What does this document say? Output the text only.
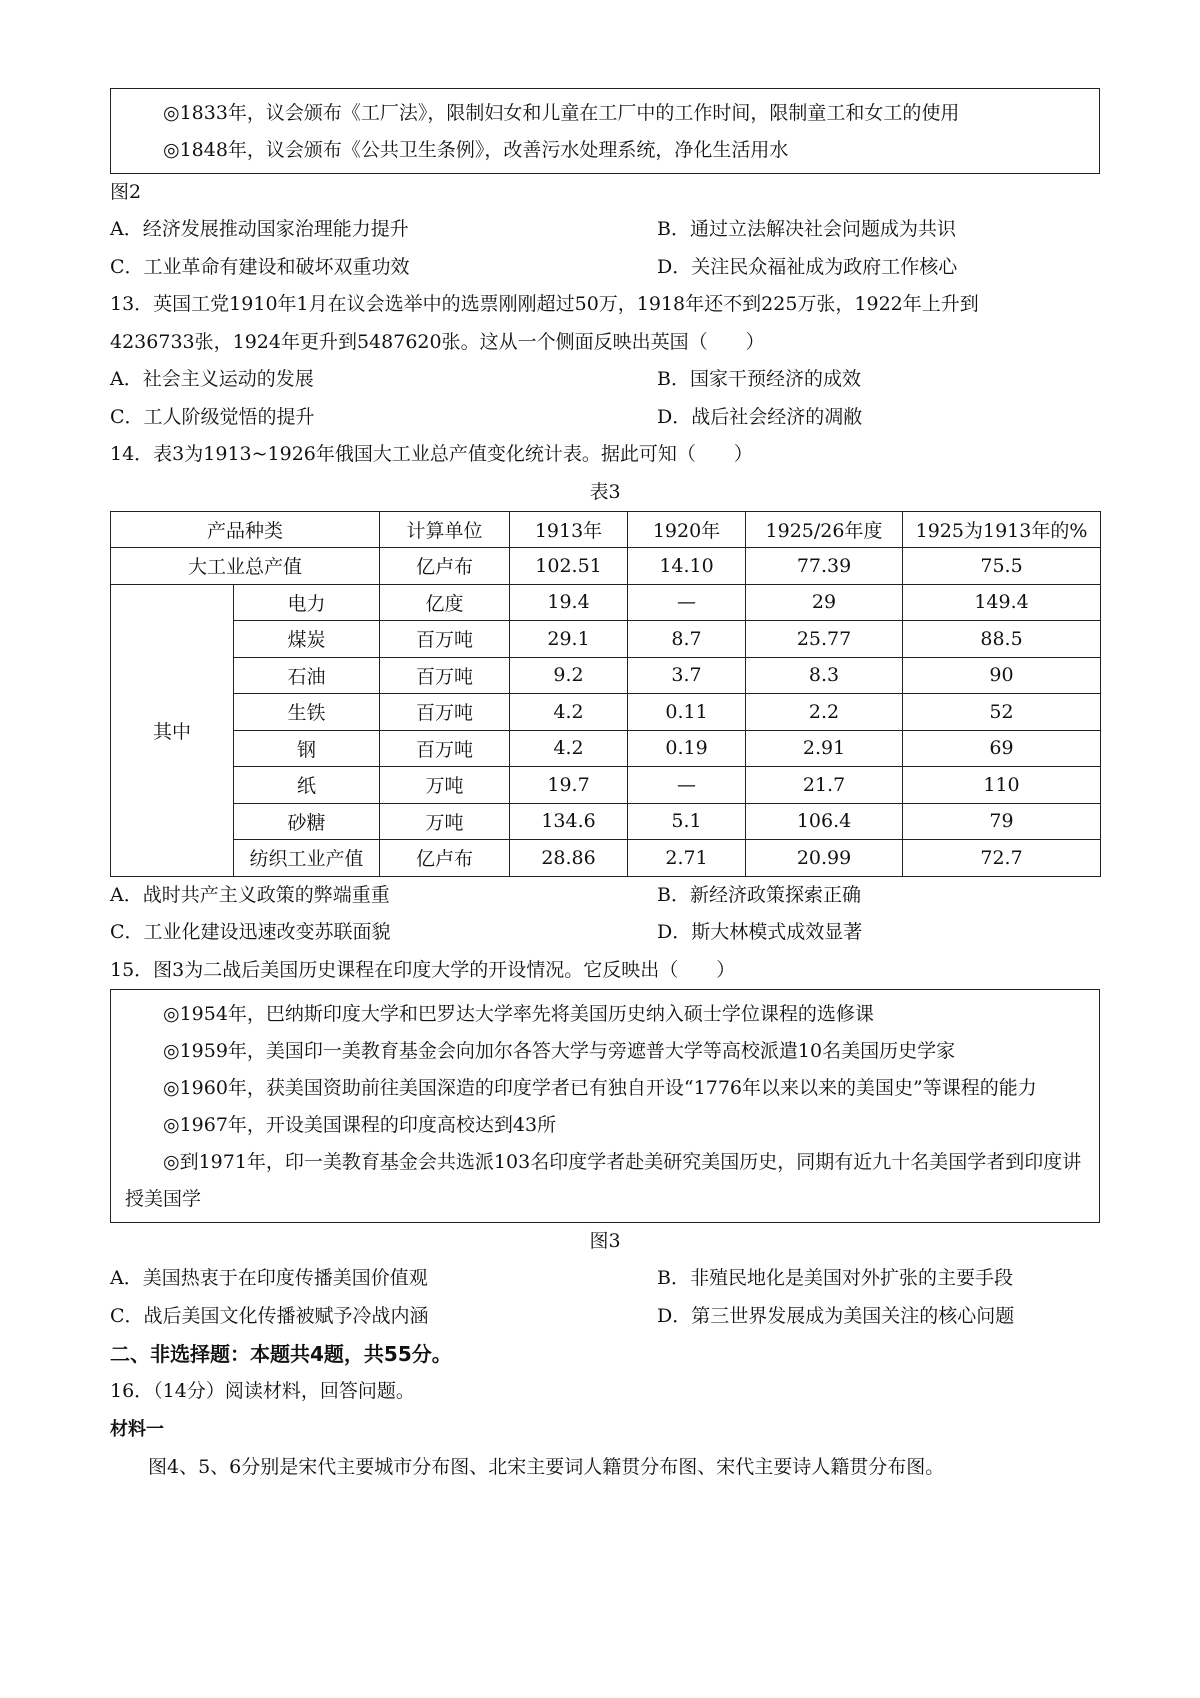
◎1833年，议会颁布《工厂法》，限制妇女和儿童在工厂中的工作时间，限制童工和女工的使用

◎1848年，议会颁布《公共卫生条例》，改善污水处理系统，净化生活用水

图2

A．经济发展推动国家治理能力提升	B．通过立法解决社会问题成为共识
C．工业革命有建设和破坏双重功效	D．关注民众福祉成为政府工作核心

13．英国工党1910年1月在议会选举中的选票刚刚超过50万，1918年还不到225万张，1922年上升到

4236733张，1924年更升到5487620张。这从一个侧面反映出英国（　　）

A．社会主义运动的发展	B．国家干预经济的成效
C．工人阶级觉悟的提升	D．战后社会经济的凋敝

14．表3为1913~1926年俄国大工业总产值变化统计表。据此可知（　　）

表3

产品种类		计算单位	1913年	1920年	1925/26年度	1925为1913年的%
大工业总产值		亿卢布	102.51	14.10	77.39	75.5
其中	电力	亿度	19.4	—	29	149.4
	煤炭	百万吨	29.1	8.7	25.77	88.5
	石油	百万吨	9.2	3.7	8.3	90
	生铁	百万吨	4.2	0.11	2.2	52
	钢	百万吨	4.2	0.19	2.91	69
	纸	万吨	19.7	—	21.7	110
	砂糖	万吨	134.6	5.1	106.4	79
	纺织工业产值	亿卢布	28.86	2.71	20.99	72.7
A．战时共产主义政策的弊端重重	B．新经济政策探索正确
C．工业化建设迅速改变苏联面貌	D．斯大林模式成效显著

15．图3为二战后美国历史课程在印度大学的开设情况。它反映出（　　）

◎1954年，巴纳斯印度大学和巴罗达大学率先将美国历史纳入硕士学位课程的选修课

◎1959年，美国印一美教育基金会向加尔各答大学与旁遮普大学等高校派遣10名美国历史学家

◎1960年，获美国资助前往美国深造的印度学者已有独自开设“1776年以来以来的美国史”等课程的能力

◎1967年，开设美国课程的印度高校达到43所

◎到1971年，印一美教育基金会共选派103名印度学者赴美研究美国历史，同期有近九十名美国学者到印度讲授美国学

图3

A．美国热衷于在印度传播美国价值观	B．非殖民地化是美国对外扩张的主要手段
C．战后美国文化传播被赋予冷战内涵	D．第三世界发展成为美国关注的核心问题

二、非选择题：本题共4题，共55分。

16．（14分）阅读材料，回答问题。

材料一

图4、5、6分别是宋代主要城市分布图、北宋主要词人籍贯分布图、宋代主要诗人籍贯分布图。
